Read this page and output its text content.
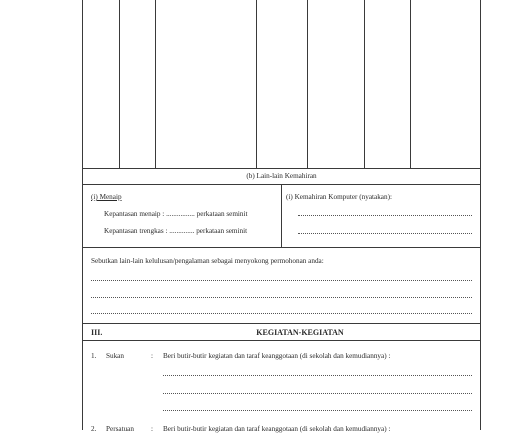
(b) Lain-lain Kemahiran
(i) Menaip
Kepantasan menaip : ................ perkataan seminit
Kepantasan trengkas : .............. perkataan seminit
(i) Kemahiran Komputer (nyatakan):
Sebutkan lain-lain kelulusan/pengalaman sebagai menyokong permohonan anda:
III.	KEGIATAN-KEGIATAN
1. Sukan	: Beri butir-butir kegiatan dan taraf keanggotaan (di sekolah dan kemudiannya) :
2. Persatuan : Beri butir-butir kegiatan dan taraf keanggotaan (di sekolah dan kemudiannya) :
